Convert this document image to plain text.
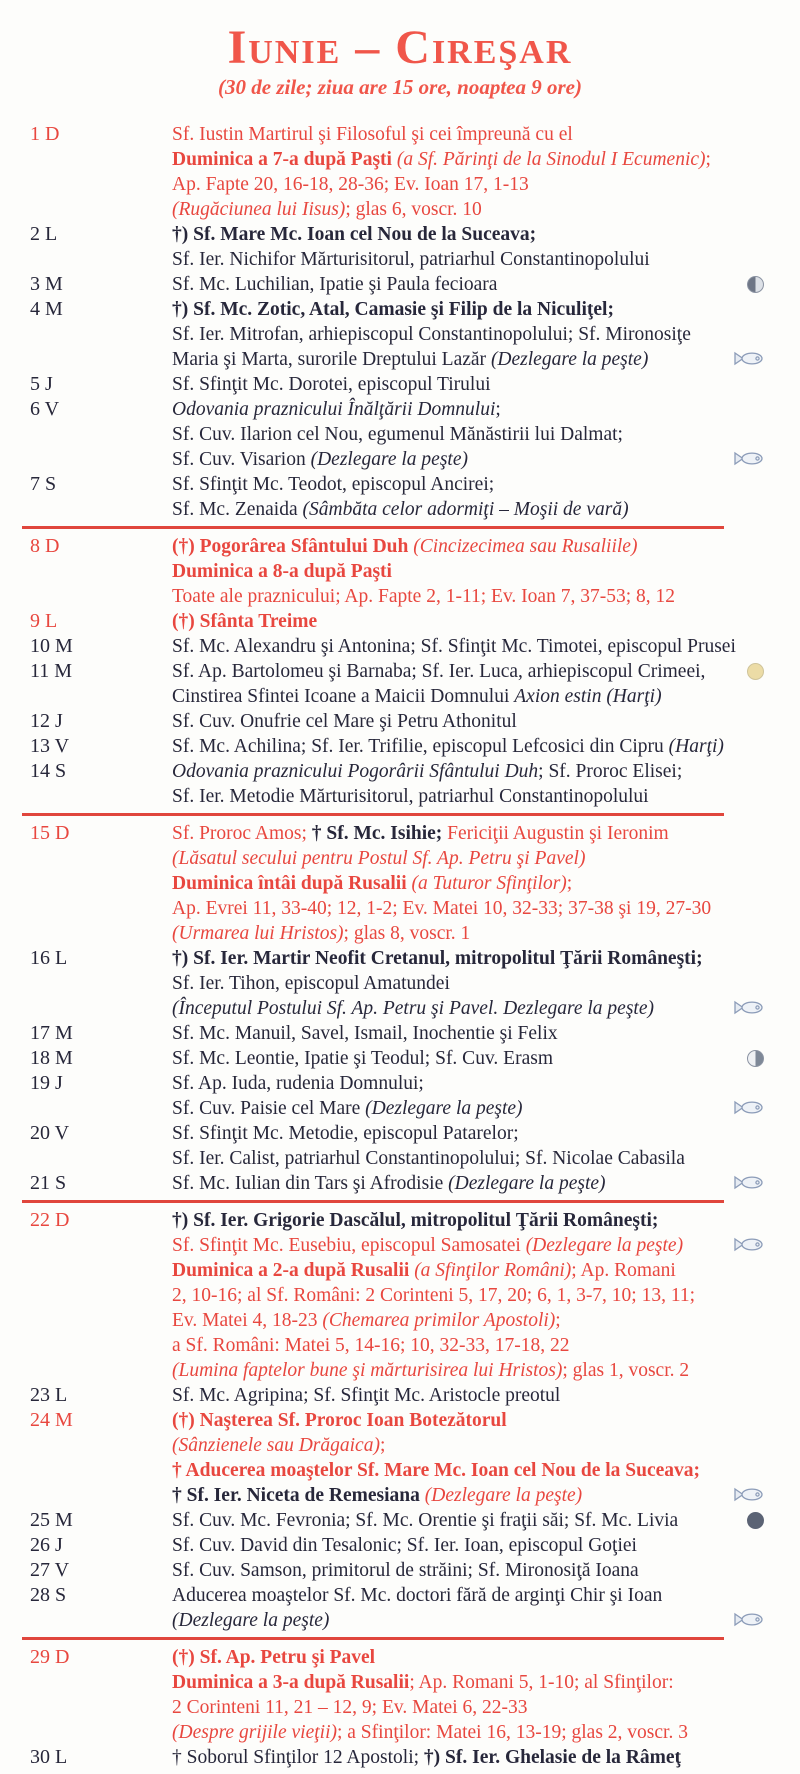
Iunie – Cireşar
(30 de zile; ziua are 15 ore, noaptea 9 ore)
1 D	Sf. Iustin Martirul şi Filosoful şi cei împreună cu el
Duminica a 7-a după Paşti (a Sf. Părinţi de la Sinodul I Ecumenic);
Ap. Fapte 20, 16-18, 28-36; Ev. Ioan 17, 1-13
(Rugăciunea lui Iisus); glas 6, voscr. 10
2 L	†) Sf. Mare Mc. Ioan cel Nou de la Suceava;
Sf. Ier. Nichifor Mărturisitorul, patriarhul Constantinopolului
3 M	Sf. Mc. Luchilian, Ipatie şi Paula fecioara
4 M	†) Sf. Mc. Zotic, Atal, Camasie şi Filip de la Niculiţel;
Sf. Ier. Mitrofan, arhiepiscopul Constantinopolului; Sf. Mironosiţe
Maria şi Marta, surorile Dreptului Lazăr (Dezlegare la peşte)
5 J	Sf. Sfinţit Mc. Dorotei, episcopul Tirului
6 V	Odovania praznicului Înălţării Domnului;
Sf. Cuv. Ilarion cel Nou, egumenul Mănăstirii lui Dalmat;
Sf. Cuv. Visarion (Dezlegare la peşte)
7 S	Sf. Sfinţit Mc. Teodot, episcopul Ancirei;
Sf. Mc. Zenaida (Sâmbăta celor adormiţi – Moşii de vară)
8 D	(†) Pogorârea Sfântului Duh (Cincizecimea sau Rusaliile)
Duminica a 8-a după Paşti
Toate ale praznicului; Ap. Fapte 2, 1-11; Ev. Ioan 7, 37-53; 8, 12
9 L	(†) Sfânta Treime
10 M	Sf. Mc. Alexandru şi Antonina; Sf. Sfinţit Mc. Timotei, episcopul Prusei
11 M	Sf. Ap. Bartolomeu şi Barnaba; Sf. Ier. Luca, arhiepiscopul Crimeei,
Cinstirea Sfintei Icoane a Maicii Domnului Axion estin (Harţi)
12 J	Sf. Cuv. Onufrie cel Mare şi Petru Athonitul
13 V	Sf. Mc. Achilina; Sf. Ier. Trifilie, episcopul Lefcosici din Cipru (Harţi)
14 S	Odovania praznicului Pogorârii Sfântului Duh; Sf. Proroc Elisei;
Sf. Ier. Metodie Mărturisitorul, patriarhul Constantinopolului
15 D	Sf. Proroc Amos; † Sf. Mc. Isihie; Fericiţii Augustin şi Ieronim
(Lăsatul secului pentru Postul Sf. Ap. Petru şi Pavel)
Duminica întâi după Rusalii (a Tuturor Sfinţilor);
Ap. Evrei 11, 33-40; 12, 1-2; Ev. Matei 10, 32-33; 37-38 şi 19, 27-30
(Urmarea lui Hristos); glas 8, voscr. 1
16 L	†) Sf. Ier. Martir Neofit Cretanul, mitropolitul Ţării Româneşti;
Sf. Ier. Tihon, episcopul Amatundei
(Începutul Postului Sf. Ap. Petru şi Pavel. Dezlegare la peşte)
17 M	Sf. Mc. Manuil, Savel, Ismail, Inochentie şi Felix
18 M	Sf. Mc. Leontie, Ipatie şi Teodul; Sf. Cuv. Erasm
19 J	Sf. Ap. Iuda, rudenia Domnului;
Sf. Cuv. Paisie cel Mare (Dezlegare la peşte)
20 V	Sf. Sfinţit Mc. Metodie, episcopul Patarelor;
Sf. Ier. Calist, patriarhul Constantinopolului; Sf. Nicolae Cabasila
21 S	Sf. Mc. Iulian din Tars şi Afrodisie (Dezlegare la peşte)
22 D	†) Sf. Ier. Grigorie Dascălul, mitropolitul Ţării Româneşti;
Sf. Sfinţit Mc. Eusebiu, episcopul Samosatei (Dezlegare la peşte)
Duminica a 2-a după Rusalii (a Sfinţilor Români); Ap. Romani
2, 10-16; al Sf. Români: 2 Corinteni 5, 17, 20; 6, 1, 3-7, 10; 13, 11;
Ev. Matei 4, 18-23 (Chemarea primilor Apostoli);
a Sf. Români: Matei 5, 14-16; 10, 32-33, 17-18, 22
(Lumina faptelor bune şi mărturisirea lui Hristos); glas 1, voscr. 2
23 L	Sf. Mc. Agripina; Sf. Sfinţit Mc. Aristocle preotul
24 M	(†) Naşterea Sf. Proroc Ioan Botezătorul
(Sânzienele sau Drăgaica);
† Aducerea moaştelor Sf. Mare Mc. Ioan cel Nou de la Suceava;
† Sf. Ier. Niceta de Remesiana (Dezlegare la peşte)
25 M	Sf. Cuv. Mc. Fevronia; Sf. Mc. Orentie şi fraţii săi; Sf. Mc. Livia
26 J	Sf. Cuv. David din Tesalonic; Sf. Ier. Ioan, episcopul Goţiei
27 V	Sf. Cuv. Samson, primitorul de străini; Sf. Mironosiţă Ioana
28 S	Aducerea moaştelor Sf. Mc. doctori fără de arginţi Chir şi Ioan
(Dezlegare la peşte)
29 D	(†) Sf. Ap. Petru şi Pavel
Duminica a 3-a după Rusalii; Ap. Romani 5, 1-10; al Sfinţilor:
2 Corinteni 11, 21 – 12, 9; Ev. Matei 6, 22-33
(Despre grijile vieţii); a Sfinţilor: Matei 16, 13-19; glas 2, voscr. 3
30 L	† Soborul Sfinţilor 12 Apostoli; †) Sf. Ier. Ghelasie de la Râmeţ
